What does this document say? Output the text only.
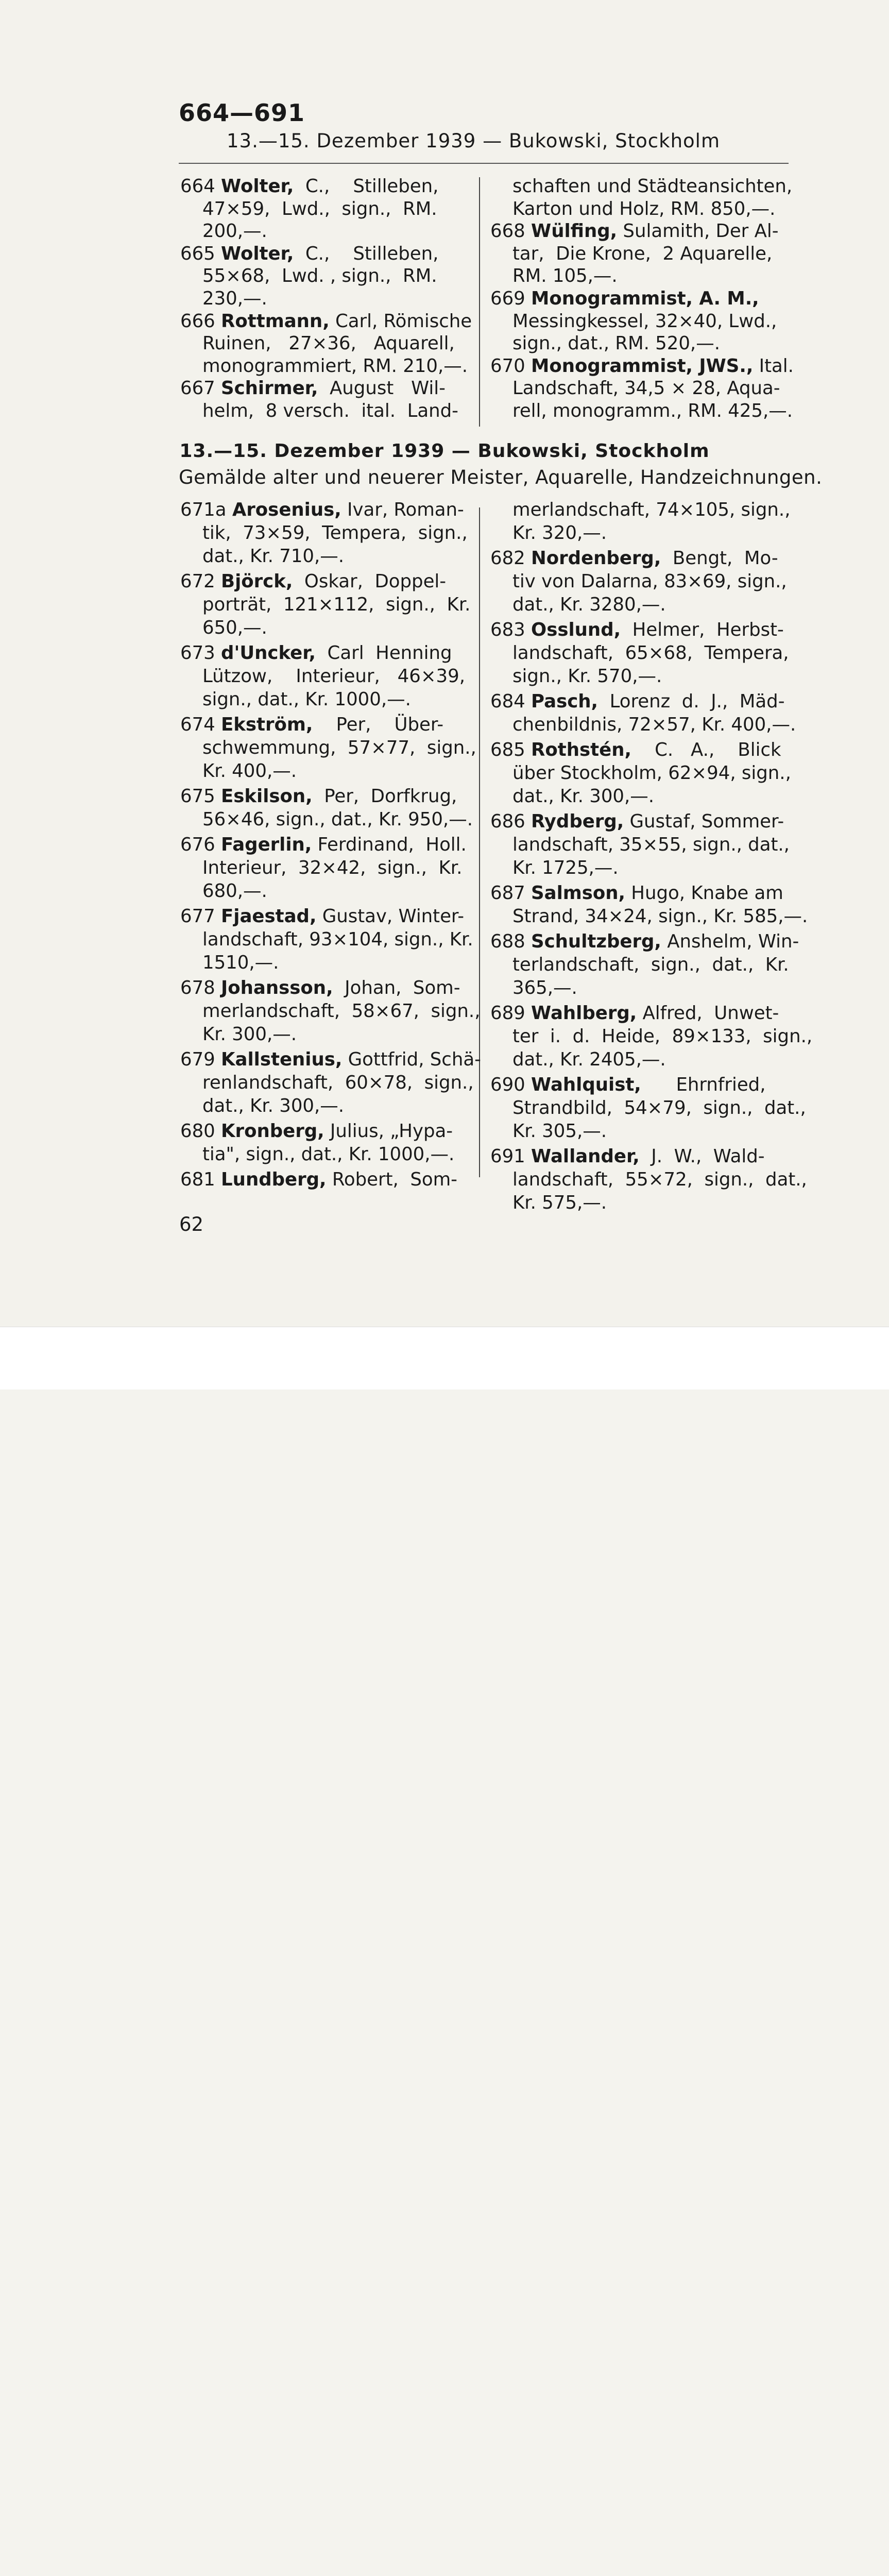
664—691
13.—15. Dezember 1939 — Bukowski, Stockholm
664 Wolter,  C.,    Stilleben,
47×59,  Lwd.,  sign.,  RM.
200,—.
665 Wolter,  C.,    Stilleben,
55×68,  Lwd. , sign.,  RM.
230,—.
666 Rottmann, Carl, Römische
Ruinen,   27×36,   Aquarell,
monogrammiert, RM. 210,—.
667 Schirmer,  August   Wil-
helm,  8 versch.  ital.  Land-
schaften und Städteansichten,
Karton und Holz, RM. 850,—.
668 Wülfing, Sulamith, Der Al-
tar,  Die Krone,  2 Aquarelle,
RM. 105,—.
669 Monogrammist, A. M.,
Messingkessel, 32×40, Lwd.,
sign., dat., RM. 520,—.
670 Monogrammist, JWS., Ital.
Landschaft, 34,5 × 28, Aqua-
rell, monogramm., RM. 425,—.
13.—15. Dezember 1939 — Bukowski, Stockholm
Gemälde alter und neuerer Meister, Aquarelle, Handzeichnungen.
671a Arosenius, Ivar, Roman-
tik,  73×59,  Tempera,  sign.,
dat., Kr. 710,—.
672 Björck,  Oskar,  Doppel-
porträt,  121×112,  sign.,  Kr.
650,—.
673 d'Uncker,  Carl  Henning
Lützow,    Interieur,   46×39,
sign., dat., Kr. 1000,—.
674 Ekström,    Per,    Über-
schwemmung,  57×77,  sign.,
Kr. 400,—.
675 Eskilson,  Per,  Dorfkrug,
56×46, sign., dat., Kr. 950,—.
676 Fagerlin, Ferdinand,  Holl.
Interieur,  32×42,  sign.,  Kr.
680,—.
677 Fjaestad, Gustav, Winter-
landschaft, 93×104, sign., Kr.
1510,—.
678 Johansson,  Johan,  Som-
merlandschaft,  58×67,  sign.,
Kr. 300,—.
679 Kallstenius, Gottfrid, Schä-
renlandschaft,  60×78,  sign.,
dat., Kr. 300,—.
680 Kronberg, Julius, „Hypa-
tia", sign., dat., Kr. 1000,—.
681 Lundberg, Robert,  Som-
merlandschaft, 74×105, sign.,
Kr. 320,—.
682 Nordenberg,  Bengt,  Mo-
tiv von Dalarna, 83×69, sign.,
dat., Kr. 3280,—.
683 Osslund,  Helmer,  Herbst-
landschaft,  65×68,  Tempera,
sign., Kr. 570,—.
684 Pasch,  Lorenz  d.  J.,  Mäd-
chenbildnis, 72×57, Kr. 400,—.
685 Rothstén,    C.   A.,    Blick
über Stockholm, 62×94, sign.,
dat., Kr. 300,—.
686 Rydberg, Gustaf, Sommer-
landschaft, 35×55, sign., dat.,
Kr. 1725,—.
687 Salmson, Hugo, Knabe am
Strand, 34×24, sign., Kr. 585,—.
688 Schultzberg, Anshelm, Win-
terlandschaft,  sign.,  dat.,  Kr.
365,—.
689 Wahlberg, Alfred,  Unwet-
ter  i.  d.  Heide,  89×133,  sign.,
dat., Kr. 2405,—.
690 Wahlquist,      Ehrnfried,
Strandbild,  54×79,  sign.,  dat.,
Kr. 305,—.
691 Wallander,  J.  W.,  Wald-
landschaft,  55×72,  sign.,  dat.,
Kr. 575,—.
62
